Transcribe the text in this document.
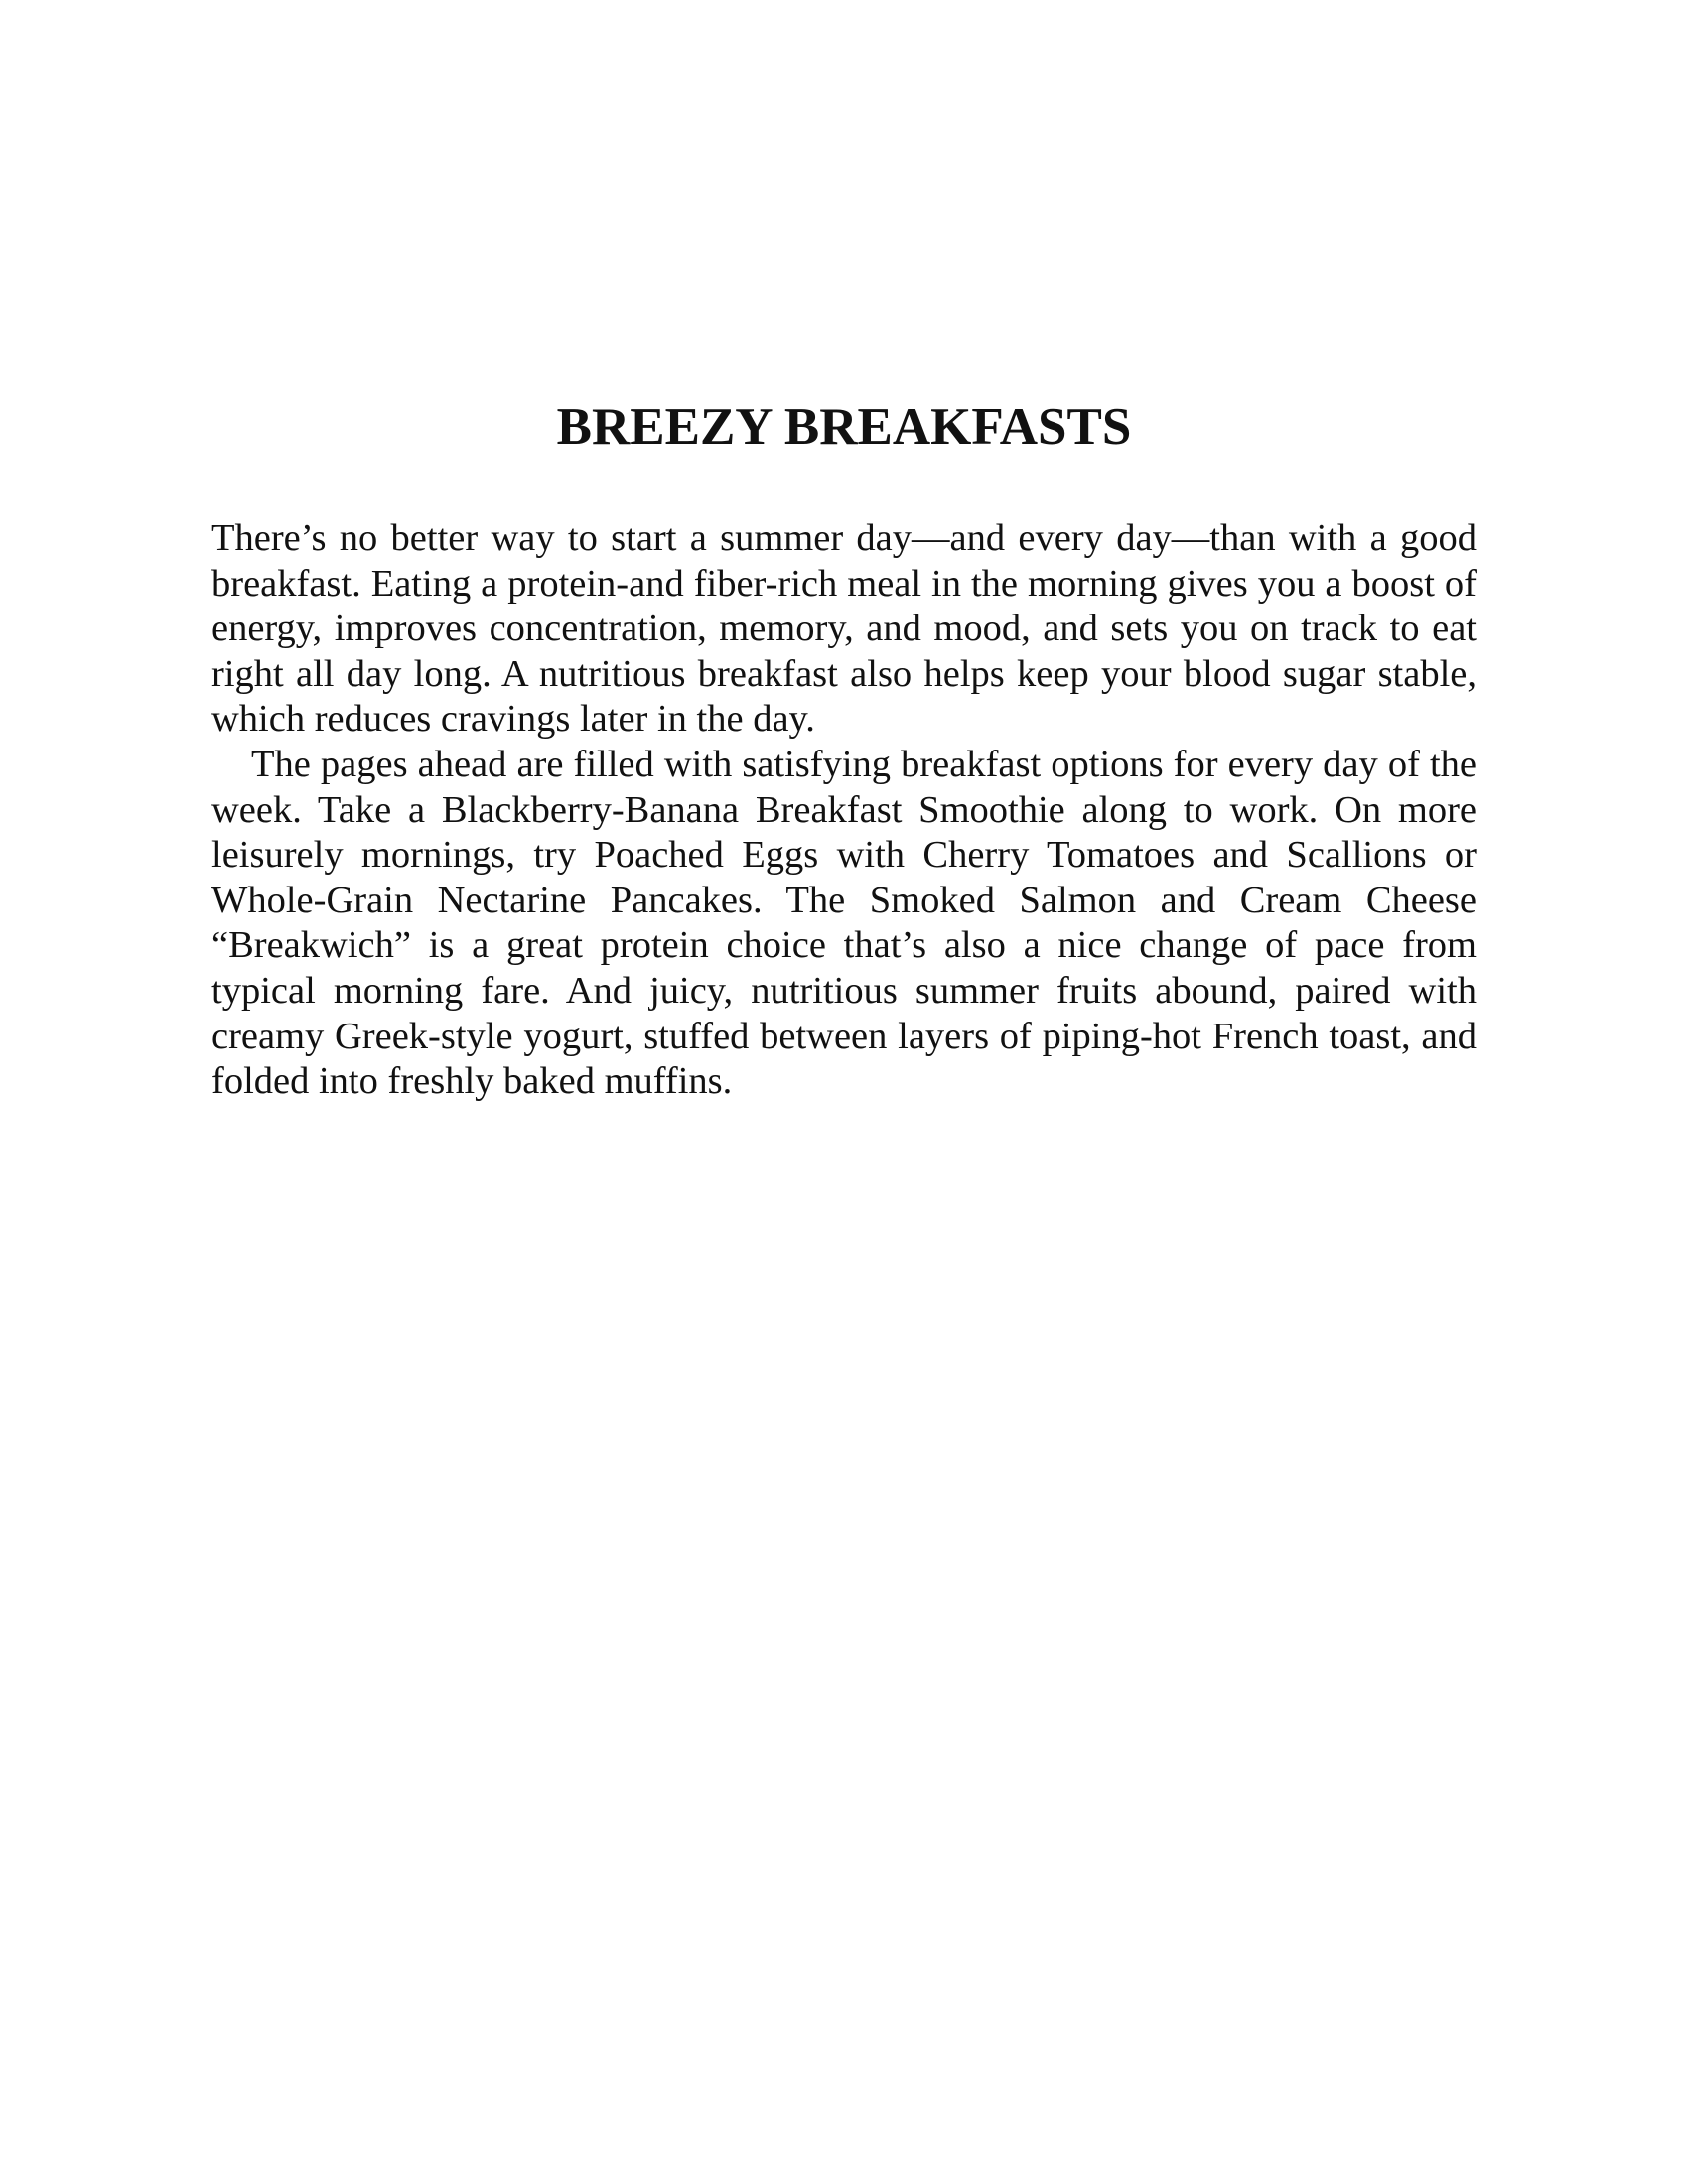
BREEZY BREAKFASTS

There’s no better way to start a summer day—and every day—than with a good breakfast. Eating a protein-and fiber-rich meal in the morning gives you a boost of energy, improves concentration, memory, and mood, and sets you on track to eat right all day long. A nutritious breakfast also helps keep your blood sugar stable, which reduces cravings later in the day.

The pages ahead are filled with satisfying breakfast options for every day of the week. Take a Blackberry-Banana Breakfast Smoothie along to work. On more leisurely mornings, try Poached Eggs with Cherry Tomatoes and Scallions or Whole-Grain Nectarine Pancakes. The Smoked Salmon and Cream Cheese “Breakwich” is a great protein choice that’s also a nice change of pace from typical morning fare. And juicy, nutritious summer fruits abound, paired with creamy Greek-style yogurt, stuffed between layers of piping-hot French toast, and folded into freshly baked muffins.
